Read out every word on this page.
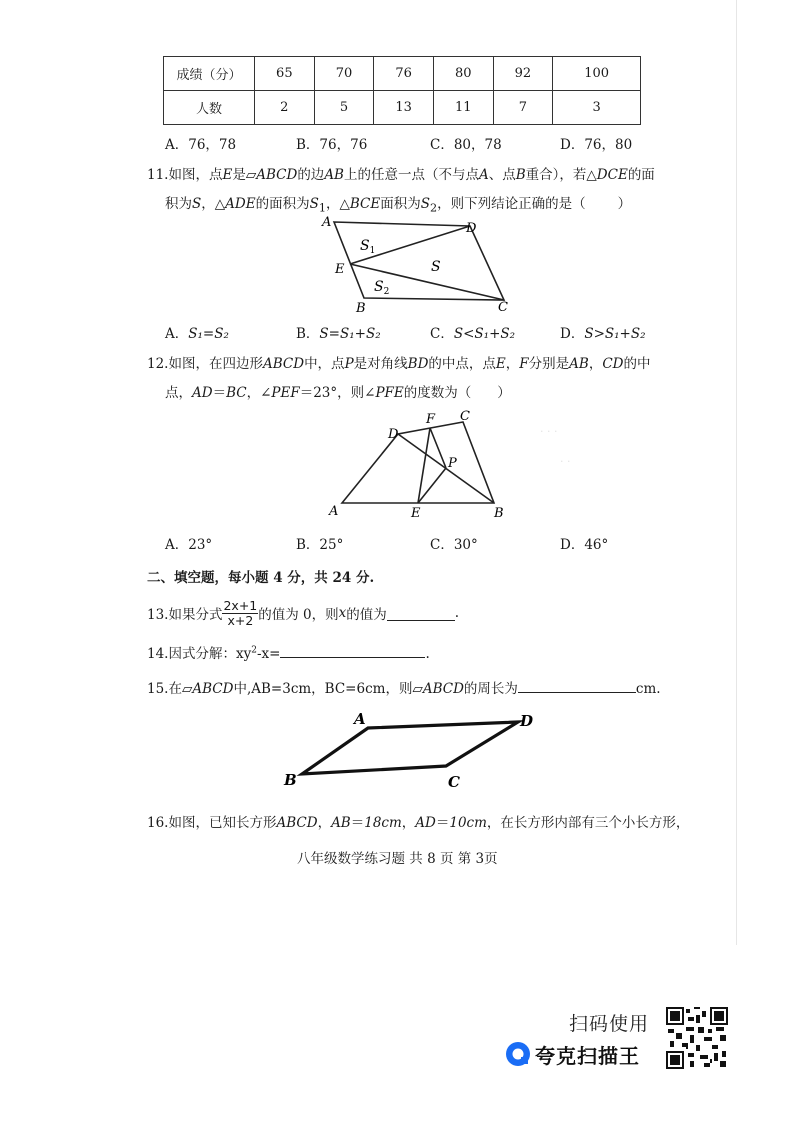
· · ·
· ·
成绩（分）	65	70	76	80	92	100
人数	2	5	13	11	7	3
A．76，78	B．76，76	C．80，78	D．76，80
11.如图，点E是▱ABCD的边AB上的任意一点（不与点A、点B重合），若△DCE的面
积为S，△ADE的面积为$S_1$，△BCE面积为$S_2$，则下列结论正确的是（ ）
A	D
E
B	C
S
$S_1$
$S_2$
A．S₁=S₂	B．S=S₁+S₂	C．S<S₁+S₂	D．S>S₁+S₂
12.如图，在四边形ABCD中，点P是对角线BD的中点，点E，F分别是AB，CD的中
点，AD＝BC，∠PEF＝23°，则∠PFE的度数为（ ）
D
F C
P
A	E	B
A．23°	B．25°	C．30°	D．46°
二、填空题，每小题 4 分，共 24 分.
13.如果分式 $\frac{2x+1}{x+2}$ 的值为 0，则 x 的值为	.
14.因式分解：$xy^2-x=$	.
15.在▱ABCD中,AB=3cm，BC=6cm，则▱ABCD的周长为	cm.
A	D
B	C
16.如图，已知长方形ABCD，AB＝18cm，AD＝10cm，在长方形内部有三个小长方形，
八年级数学练习题 共 8 页 第 3页
扫码使用
夸克扫描王
